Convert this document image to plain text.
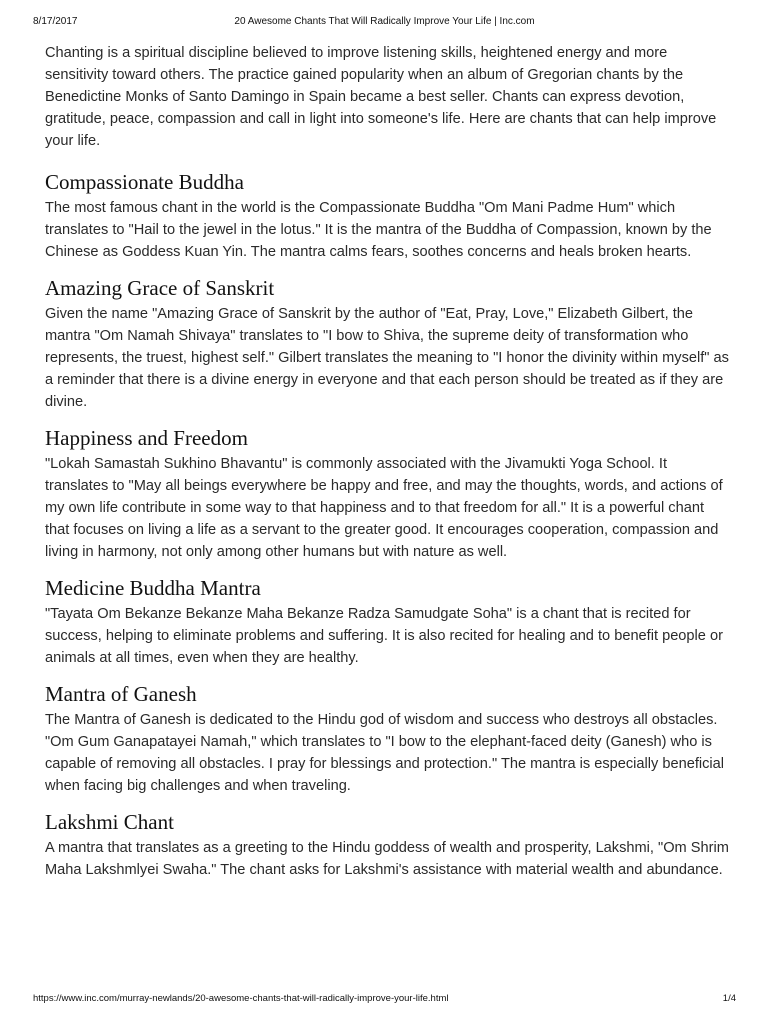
8/17/2017	20 Awesome Chants That Will Radically Improve Your Life | Inc.com

Chanting is a spiritual discipline believed to improve listening skills, heightened energy and more sensitivity toward others. The practice gained popularity when an album of Gregorian chants by the Benedictine Monks of Santo Damingo in Spain became a best seller. Chants can express devotion, gratitude, peace, compassion and call in light into someone's life. Here are chants that can help improve your life.

Compassionate Buddha

The most famous chant in the world is the Compassionate Buddha "Om Mani Padme Hum" which translates to "Hail to the jewel in the lotus." It is the mantra of the Buddha of Compassion, known by the Chinese as Goddess Kuan Yin. The mantra calms fears, soothes concerns and heals broken hearts.

Amazing Grace of Sanskrit

Given the name "Amazing Grace of Sanskrit by the author of "Eat, Pray, Love," Elizabeth Gilbert, the mantra "Om Namah Shivaya" translates to "I bow to Shiva, the supreme deity of transformation who represents, the truest, highest self." Gilbert translates the meaning to "I honor the divinity within myself" as a reminder that there is a divine energy in everyone and that each person should be treated as if they are divine.

Happiness and Freedom

"Lokah Samastah Sukhino Bhavantu" is commonly associated with the Jivamukti Yoga School. It translates to "May all beings everywhere be happy and free, and may the thoughts, words, and actions of my own life contribute in some way to that happiness and to that freedom for all." It is a powerful chant that focuses on living a life as a servant to the greater good. It encourages cooperation, compassion and living in harmony, not only among other humans but with nature as well.

Medicine Buddha Mantra

"Tayata Om Bekanze Bekanze Maha Bekanze Radza Samudgate Soha" is a chant that is recited for success, helping to eliminate problems and suffering. It is also recited for healing and to benefit people or animals at all times, even when they are healthy.

Mantra of Ganesh

The Mantra of Ganesh is dedicated to the Hindu god of wisdom and success who destroys all obstacles. "Om Gum Ganapatayei Namah," which translates to "I bow to the elephant-faced deity (Ganesh) who is capable of removing all obstacles. I pray for blessings and protection." The mantra is especially beneficial when facing big challenges and when traveling.

Lakshmi Chant

A mantra that translates as a greeting to the Hindu goddess of wealth and prosperity, Lakshmi, "Om Shrim Maha Lakshmlyei Swaha." The chant asks for Lakshmi's assistance with material wealth and abundance.

https://www.inc.com/murray-newlands/20-awesome-chants-that-will-radically-improve-your-life.html	1/4
